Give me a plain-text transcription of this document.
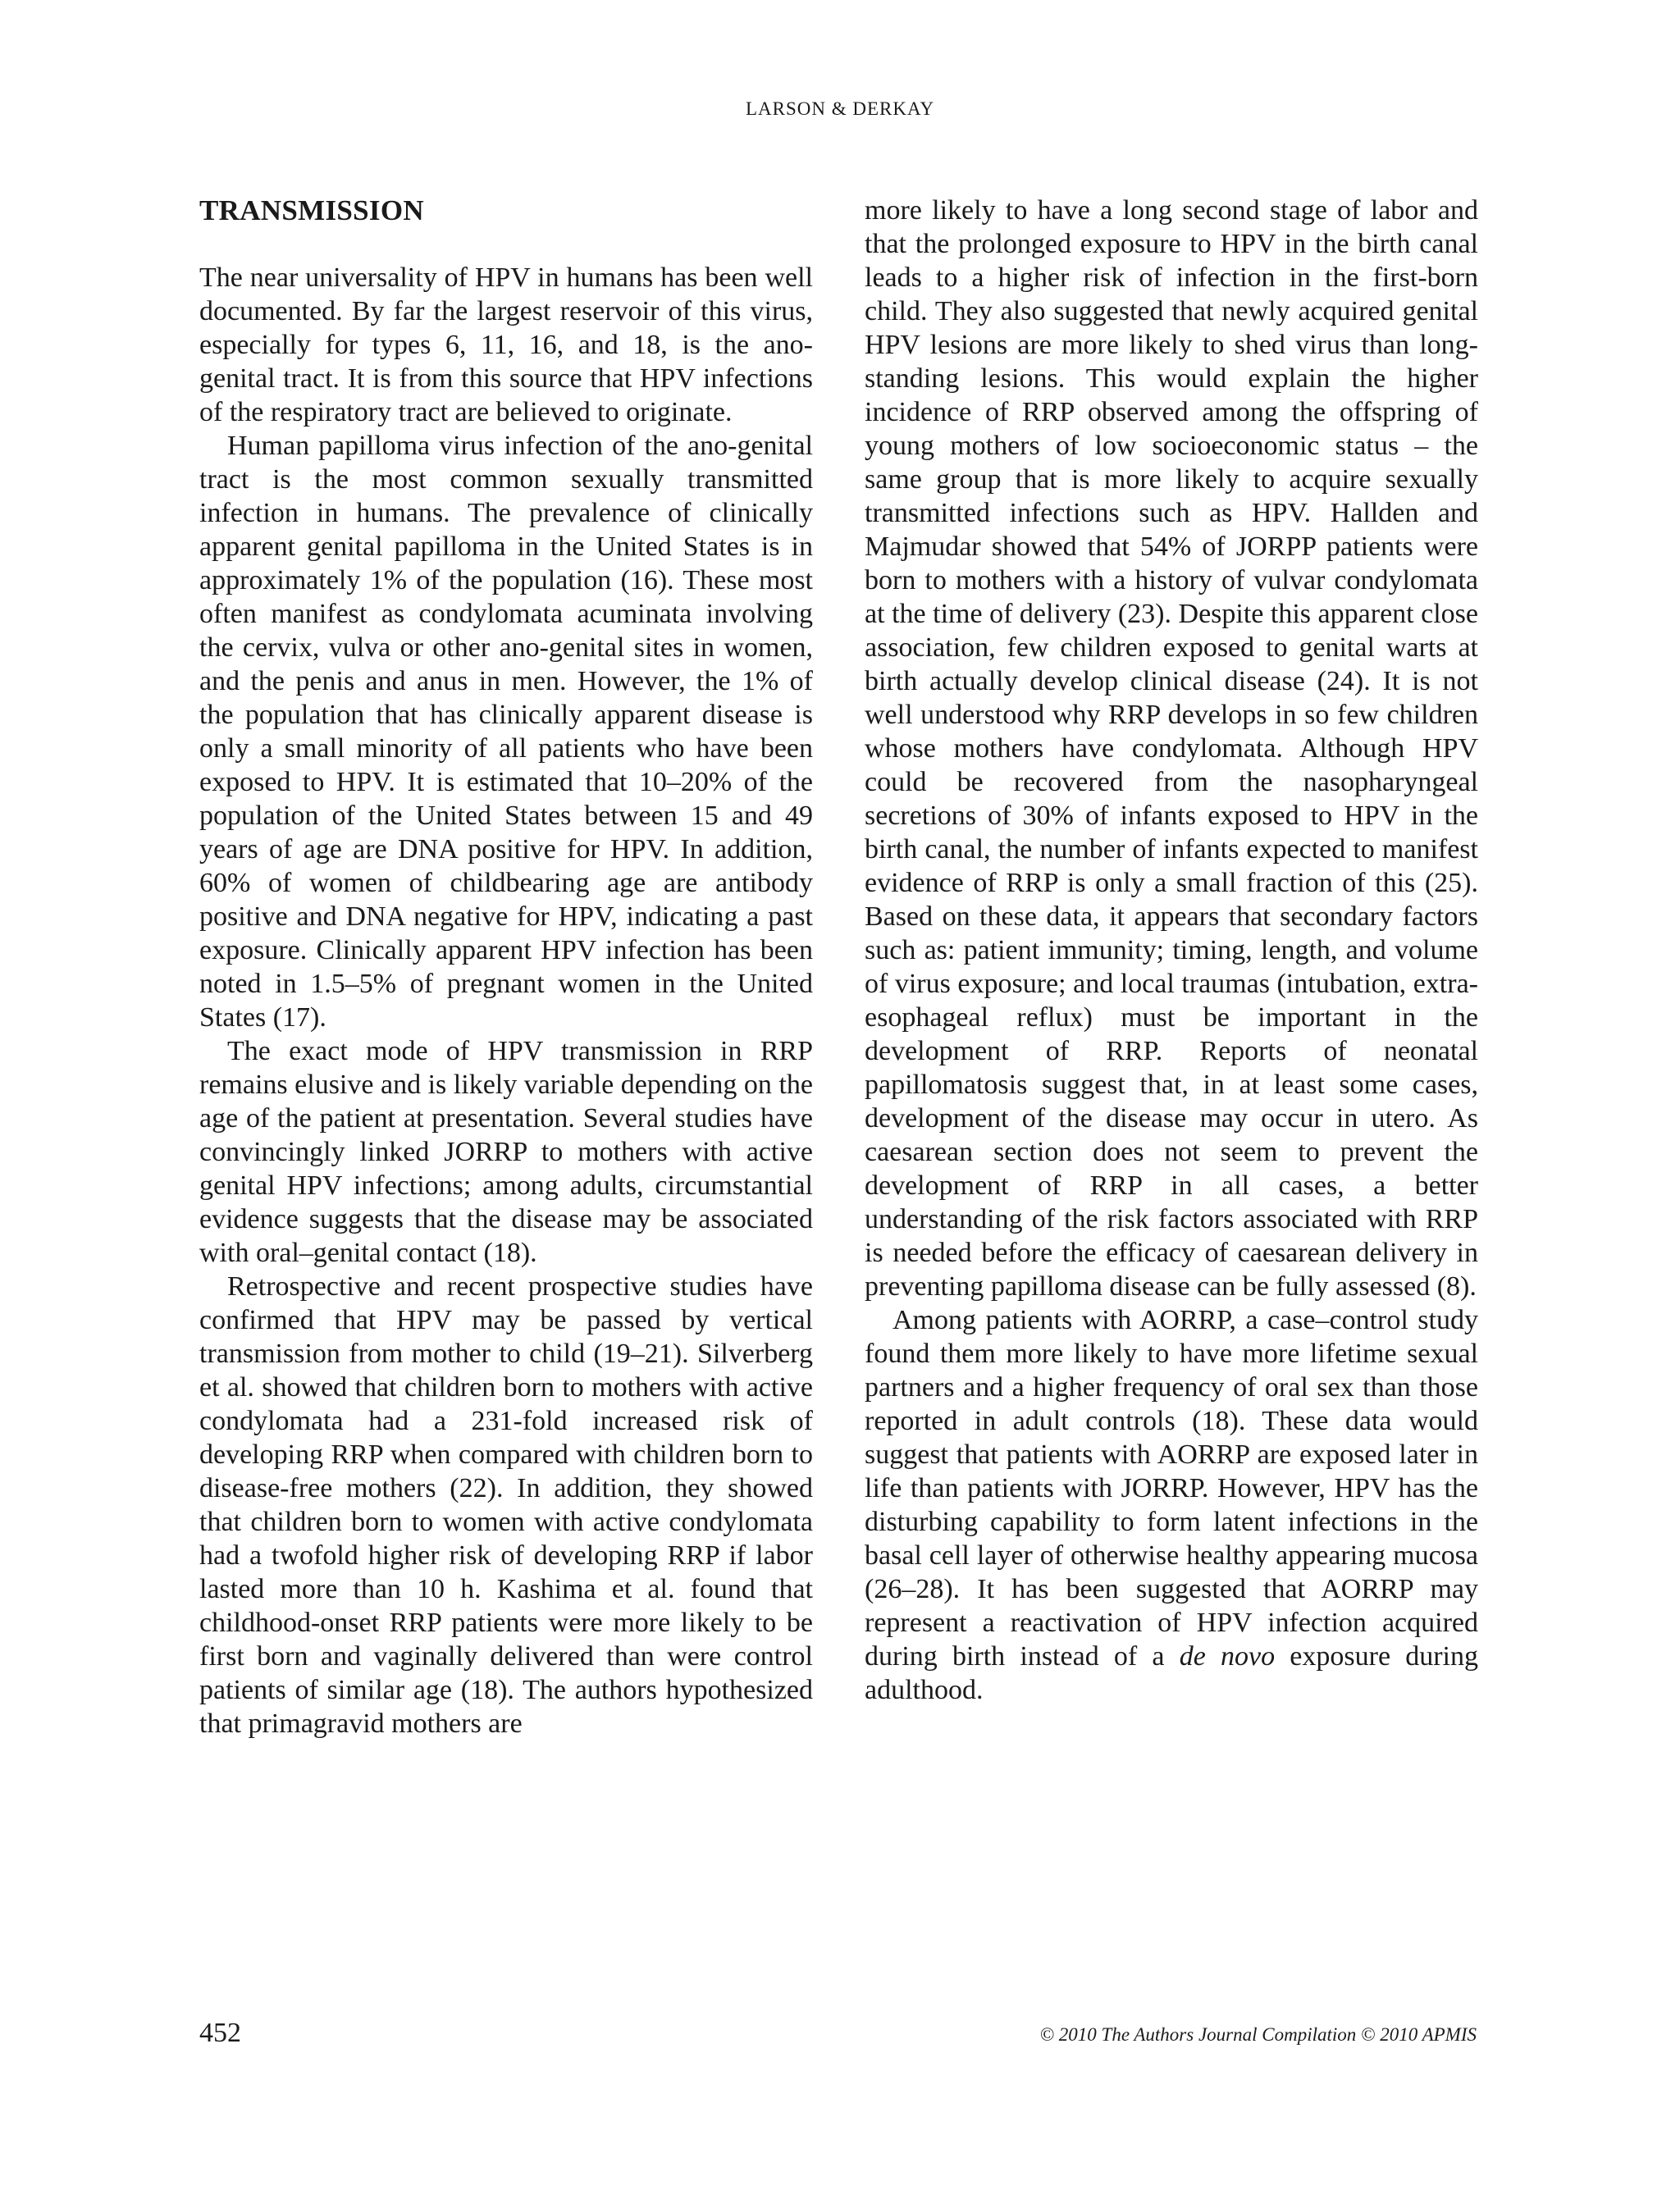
LARSON & DERKAY
TRANSMISSION

The near universality of HPV in humans has been well documented. By far the largest reservoir of this virus, especially for types 6, 11, 16, and 18, is the ano-genital tract. It is from this source that HPV infections of the respiratory tract are believed to originate.

Human papilloma virus infection of the ano-genital tract is the most common sexually transmitted infection in humans. The prevalence of clinically apparent genital papilloma in the United States is in approximately 1% of the population (16). These most often manifest as condylomata acuminata involving the cervix, vulva or other ano-genital sites in women, and the penis and anus in men. However, the 1% of the population that has clinically apparent disease is only a small minority of all patients who have been exposed to HPV. It is estimated that 10–20% of the population of the United States between 15 and 49 years of age are DNA positive for HPV. In addition, 60% of women of childbearing age are antibody positive and DNA negative for HPV, indicating a past exposure. Clinically apparent HPV infection has been noted in 1.5–5% of pregnant women in the United States (17).

The exact mode of HPV transmission in RRP remains elusive and is likely variable depending on the age of the patient at presentation. Several studies have convincingly linked JORRP to mothers with active genital HPV infections; among adults, circumstantial evidence suggests that the disease may be associated with oral–genital contact (18).

Retrospective and recent prospective studies have confirmed that HPV may be passed by vertical transmission from mother to child (19–21). Silverberg et al. showed that children born to mothers with active condylomata had a 231-fold increased risk of developing RRP when compared with children born to disease-free mothers (22). In addition, they showed that children born to women with active condylomata had a twofold higher risk of developing RRP if labor lasted more than 10 h. Kashima et al. found that childhood-onset RRP patients were more likely to be first born and vaginally delivered than were control patients of similar age (18). The authors hypothesized that primagravid mothers are

more likely to have a long second stage of labor and that the prolonged exposure to HPV in the birth canal leads to a higher risk of infection in the first-born child. They also suggested that newly acquired genital HPV lesions are more likely to shed virus than long-standing lesions. This would explain the higher incidence of RRP observed among the offspring of young mothers of low socioeconomic status – the same group that is more likely to acquire sexually transmitted infections such as HPV. Hallden and Majmudar showed that 54% of JORPP patients were born to mothers with a history of vulvar condylomata at the time of delivery (23). Despite this apparent close association, few children exposed to genital warts at birth actually develop clinical disease (24). It is not well understood why RRP develops in so few children whose mothers have condylomata. Although HPV could be recovered from the nasopharyngeal secretions of 30% of infants exposed to HPV in the birth canal, the number of infants expected to manifest evidence of RRP is only a small fraction of this (25). Based on these data, it appears that secondary factors such as: patient immunity; timing, length, and volume of virus exposure; and local traumas (intubation, extra-esophageal reflux) must be important in the development of RRP. Reports of neonatal papillomatosis suggest that, in at least some cases, development of the disease may occur in utero. As caesarean section does not seem to prevent the development of RRP in all cases, a better understanding of the risk factors associated with RRP is needed before the efficacy of caesarean delivery in preventing papilloma disease can be fully assessed (8).

Among patients with AORRP, a case–control study found them more likely to have more lifetime sexual partners and a higher frequency of oral sex than those reported in adult controls (18). These data would suggest that patients with AORRP are exposed later in life than patients with JORRP. However, HPV has the disturbing capability to form latent infections in the basal cell layer of otherwise healthy appearing mucosa (26–28). It has been suggested that AORRP may represent a reactivation of HPV infection acquired during birth instead of a de novo exposure during adulthood.

452	© 2010 The Authors Journal Compilation © 2010 APMIS
